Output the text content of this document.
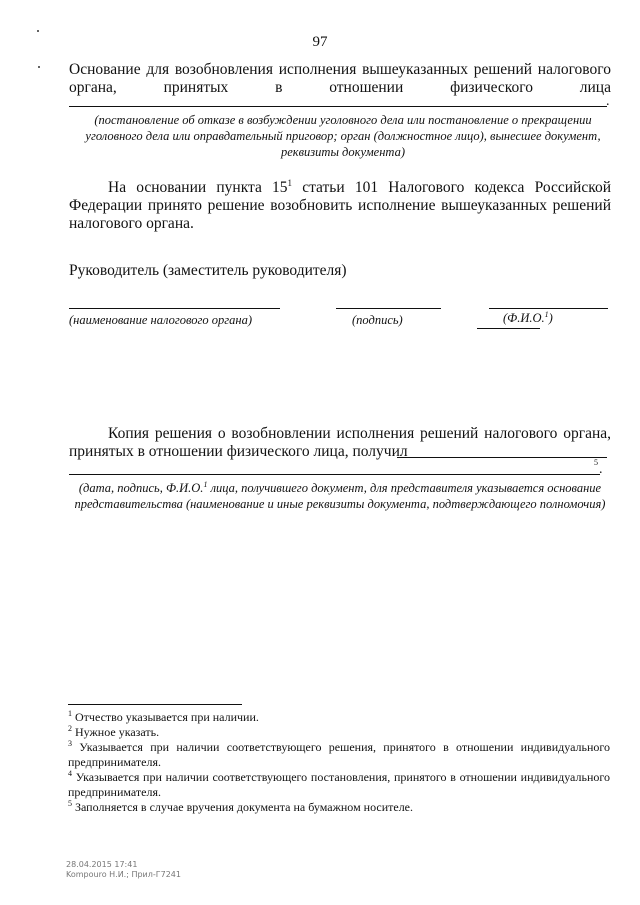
97
Основание для возобновления исполнения вышеуказанных решений налогового органа, принятых в отношении физического лица
.
(постановление об отказе в возбуждении уголовного дела или постановление о прекращении уголовного дела или оправдательный приговор; орган (должностное лицо), вынесшее документ, реквизиты документа)
На основании пункта $15^1$ статьи 101 Налогового кодекса Российской Федерации принято решение возобновить исполнение вышеуказанных решений налогового органа.
Руководитель (заместитель руководителя)
(наименование налогового органа)	(подпись)	(Ф.И.О.$^1$)
Копия решения о возобновлении исполнения решений налогового органа, принятых в отношении физического лица, получил
5 .
(дата, подпись, Ф.И.О.$^1$ лица, получившего документ, для представителя указывается основание представительства (наименование и иные реквизиты документа, подтверждающего полномочия)
$^1$ Отчество указывается при наличии.
$^2$ Нужное указать.
$^3$ Указывается при наличии соответствующего решения, принятого в отношении индивидуального предпринимателя.
$^4$ Указывается при наличии соответствующего постановления, принятого в отношении индивидуального предпринимателя.
$^5$ Заполняется в случае вручения документа на бумажном носителе.
28.04.2015 17:41
Kompouro Н.И.; Прил-Г7241
